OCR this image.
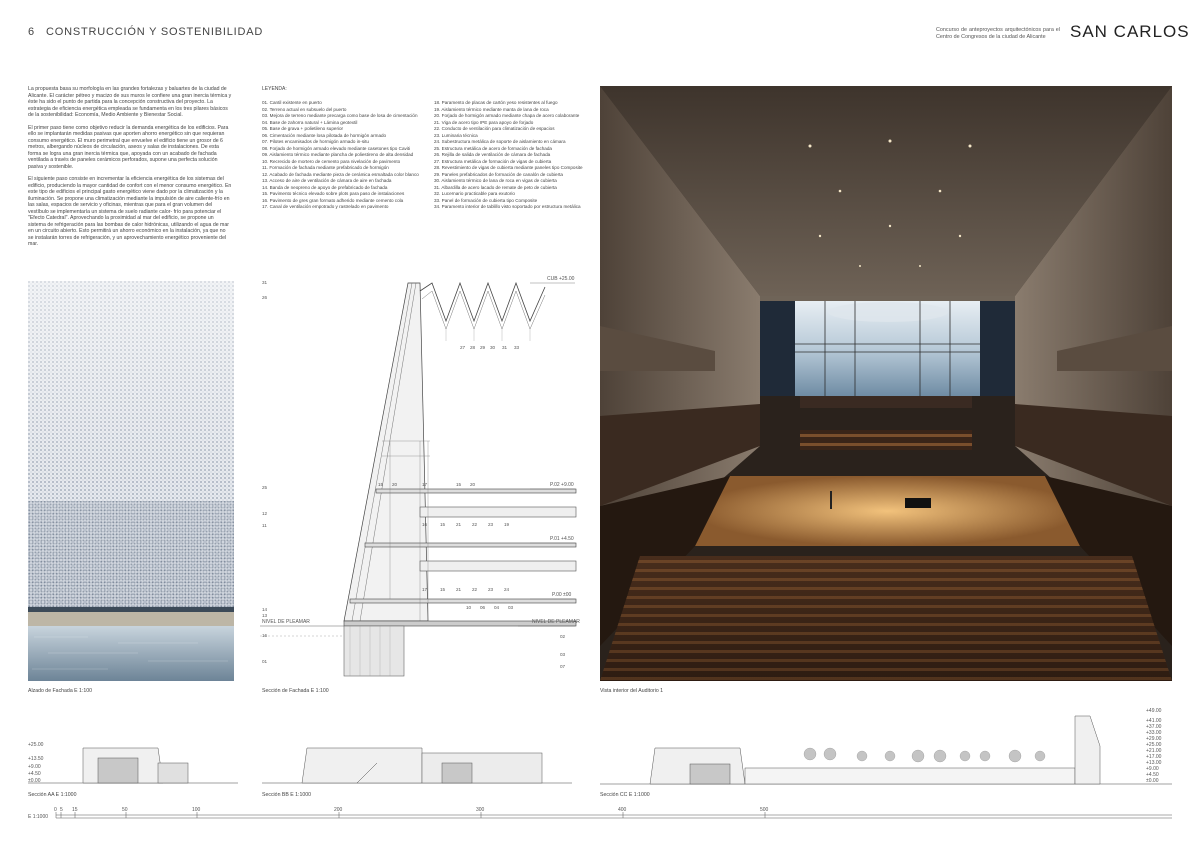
6 CONSTRUCCIÓN Y SOSTENIBILIDAD	Concurso de anteproyectos arquitectónicos para el Centro de Congresos de la ciudad de Alicante	SAN CARLOS

La propuesta basa su morfología en las grandes fortalezas y baluartes de la ciudad de Alicante. El carácter pétreo y macizo de sus muros le confiere una gran inercia térmica y éste ha sido el punto de partida para la concepción constructiva del proyecto. La estrategia de eficiencia energética empleada se fundamenta en los tres pilares básicos de la sostenibilidad: Economía, Medio Ambiente y Bienestar Social.

El primer paso tiene como objetivo reducir la demanda energética de los edificios. Para ello se implantarán medidas pasivas que aporten ahorro energético sin que requieran consumo energético. El muro perimetral que envuelve el edificio tiene un grosor de 6 metros, albergando núcleos de circulación, aseos y salas de instalaciones. De esta forma se logra una gran inercia térmica que, apoyada con un acabado de fachada ventilada a través de paneles cerámicos perforados, supone una perfecta solución pasiva y sostenible.

El siguiente paso consiste en incrementar la eficiencia energética de los sistemas del edificio, produciendo la mayor cantidad de confort con el menor consumo energético. En este tipo de edificios el principal gasto energético viene dado por la climatización y la iluminación. Se propone una climatización mediante la impulsión de aire caliente-frío en las salas, espacios de servicio y oficinas, mientras que para el gran volumen del vestíbulo se implementaría un sistema de suelo radiante calor- frío para potenciar el "Efecto Catedral". Aprovechando la proximidad al mar del edificio, se propone un sistema de refrigeración para las bombas de calor hidrónicas, utilizando el agua de mar en un circuito abierto. Esto permitirá un ahorro económico en la instalación, ya que no se instalarán torres de refrigeración, y un aprovechamiento energético proveniente del mar.

LEYENDA:
01. Cantil existente en puerto
02. Terreno actual en subsuelo del puerto
03. Mejora de terreno mediante precarga como base de losa de cimentación
04. Base de zahorra natural + Lámina geotextil
05. Base de grava + polietileno superior
06. Cimentación mediante losa pilotada de hormigón armado
07. Pilotes encamisados de hormigón armado in-situ
08. Forjado de hormigón armado elevado mediante casetones tipo Caviti
09. Aislamiento térmico mediante plancha de poliestireno de alta densidad
10. Recrecido de mortero de cemento para nivelación de pavimento
11. Formación de fachada mediante prefabricado de hormigón
12. Acabado de fachada mediante pieza de cerámica esmaltada color blanco
13. Acceso de aire de ventilación de cámara de aire en fachada
14. Banda de neopreno de apoyo de prefabricado de fachada
15. Pavimento técnico elevado sobre plots para paso de instalaciones
16. Pavimento de gres gran formato adherido mediante cemento cola
17. Canal de ventilación empotrado y rastrelado en pavimento
18. Paramento de placas de cartón yeso resistentes al fuego
19. Aislamiento térmico mediante manta de lana de roca
20. Forjado de hormigón armado mediante chapa de acero colaborante
21. Viga de acero tipo IPE para apoyo de forjado
22. Conducto de ventilación para climatización de espacios
23. Luminaria técnica
24. Subestructura metálica de soporte de aislamiento en cámara
25. Estructura metálica de acero de formación de fachada
26. Rejilla de salida de ventilación de cámara de fachada
27. Estructura metálica de formación de vigas de cubierta
28. Revestimiento de vigas de cubierta mediante paneles tipo Composite
29. Paneles prefabricados de formación de canalón de cubierta
30. Aislamiento térmico de lana de roca en vigas de cubierta
31. Albardilla de acero lacado de remate de peto de cubierta
32. Lucernario practicable para exutorio
33. Panel de formación de cubierta tipo Composite
34. Paramento interior de tablillo visto soportado por estructura metálica
Alzado de Fachada E 1:100
CUB +25.00
P.02 +9.00
P.01 +4.50
P.00 ±00
NIVEL DE PLEAMAR	NIVEL DE PLEAMAR
27 28 29 30 31 33
31
26
25
12
11
14
13
16
01
17	15 20
15 20
16	15 21 22 23 19
17	15 21 22 23 24
10 06 04 03
02
03
07
Sección de Fachada E 1:100	Vista interior del Auditorio 1
+25.00
+13.50
+9.00
+4.50
±0.00
Sección AA E 1:1000	Sección BB E 1:1000
+49.00
+41.00
+37.00
+33.00
+29.00
+25.00
+21.00
+17.00
+13.00
+9.00
+4.50
±0.00
Sección CC E 1:1000
E 1:1000
0 5 15	50	100	200	300	400	500
